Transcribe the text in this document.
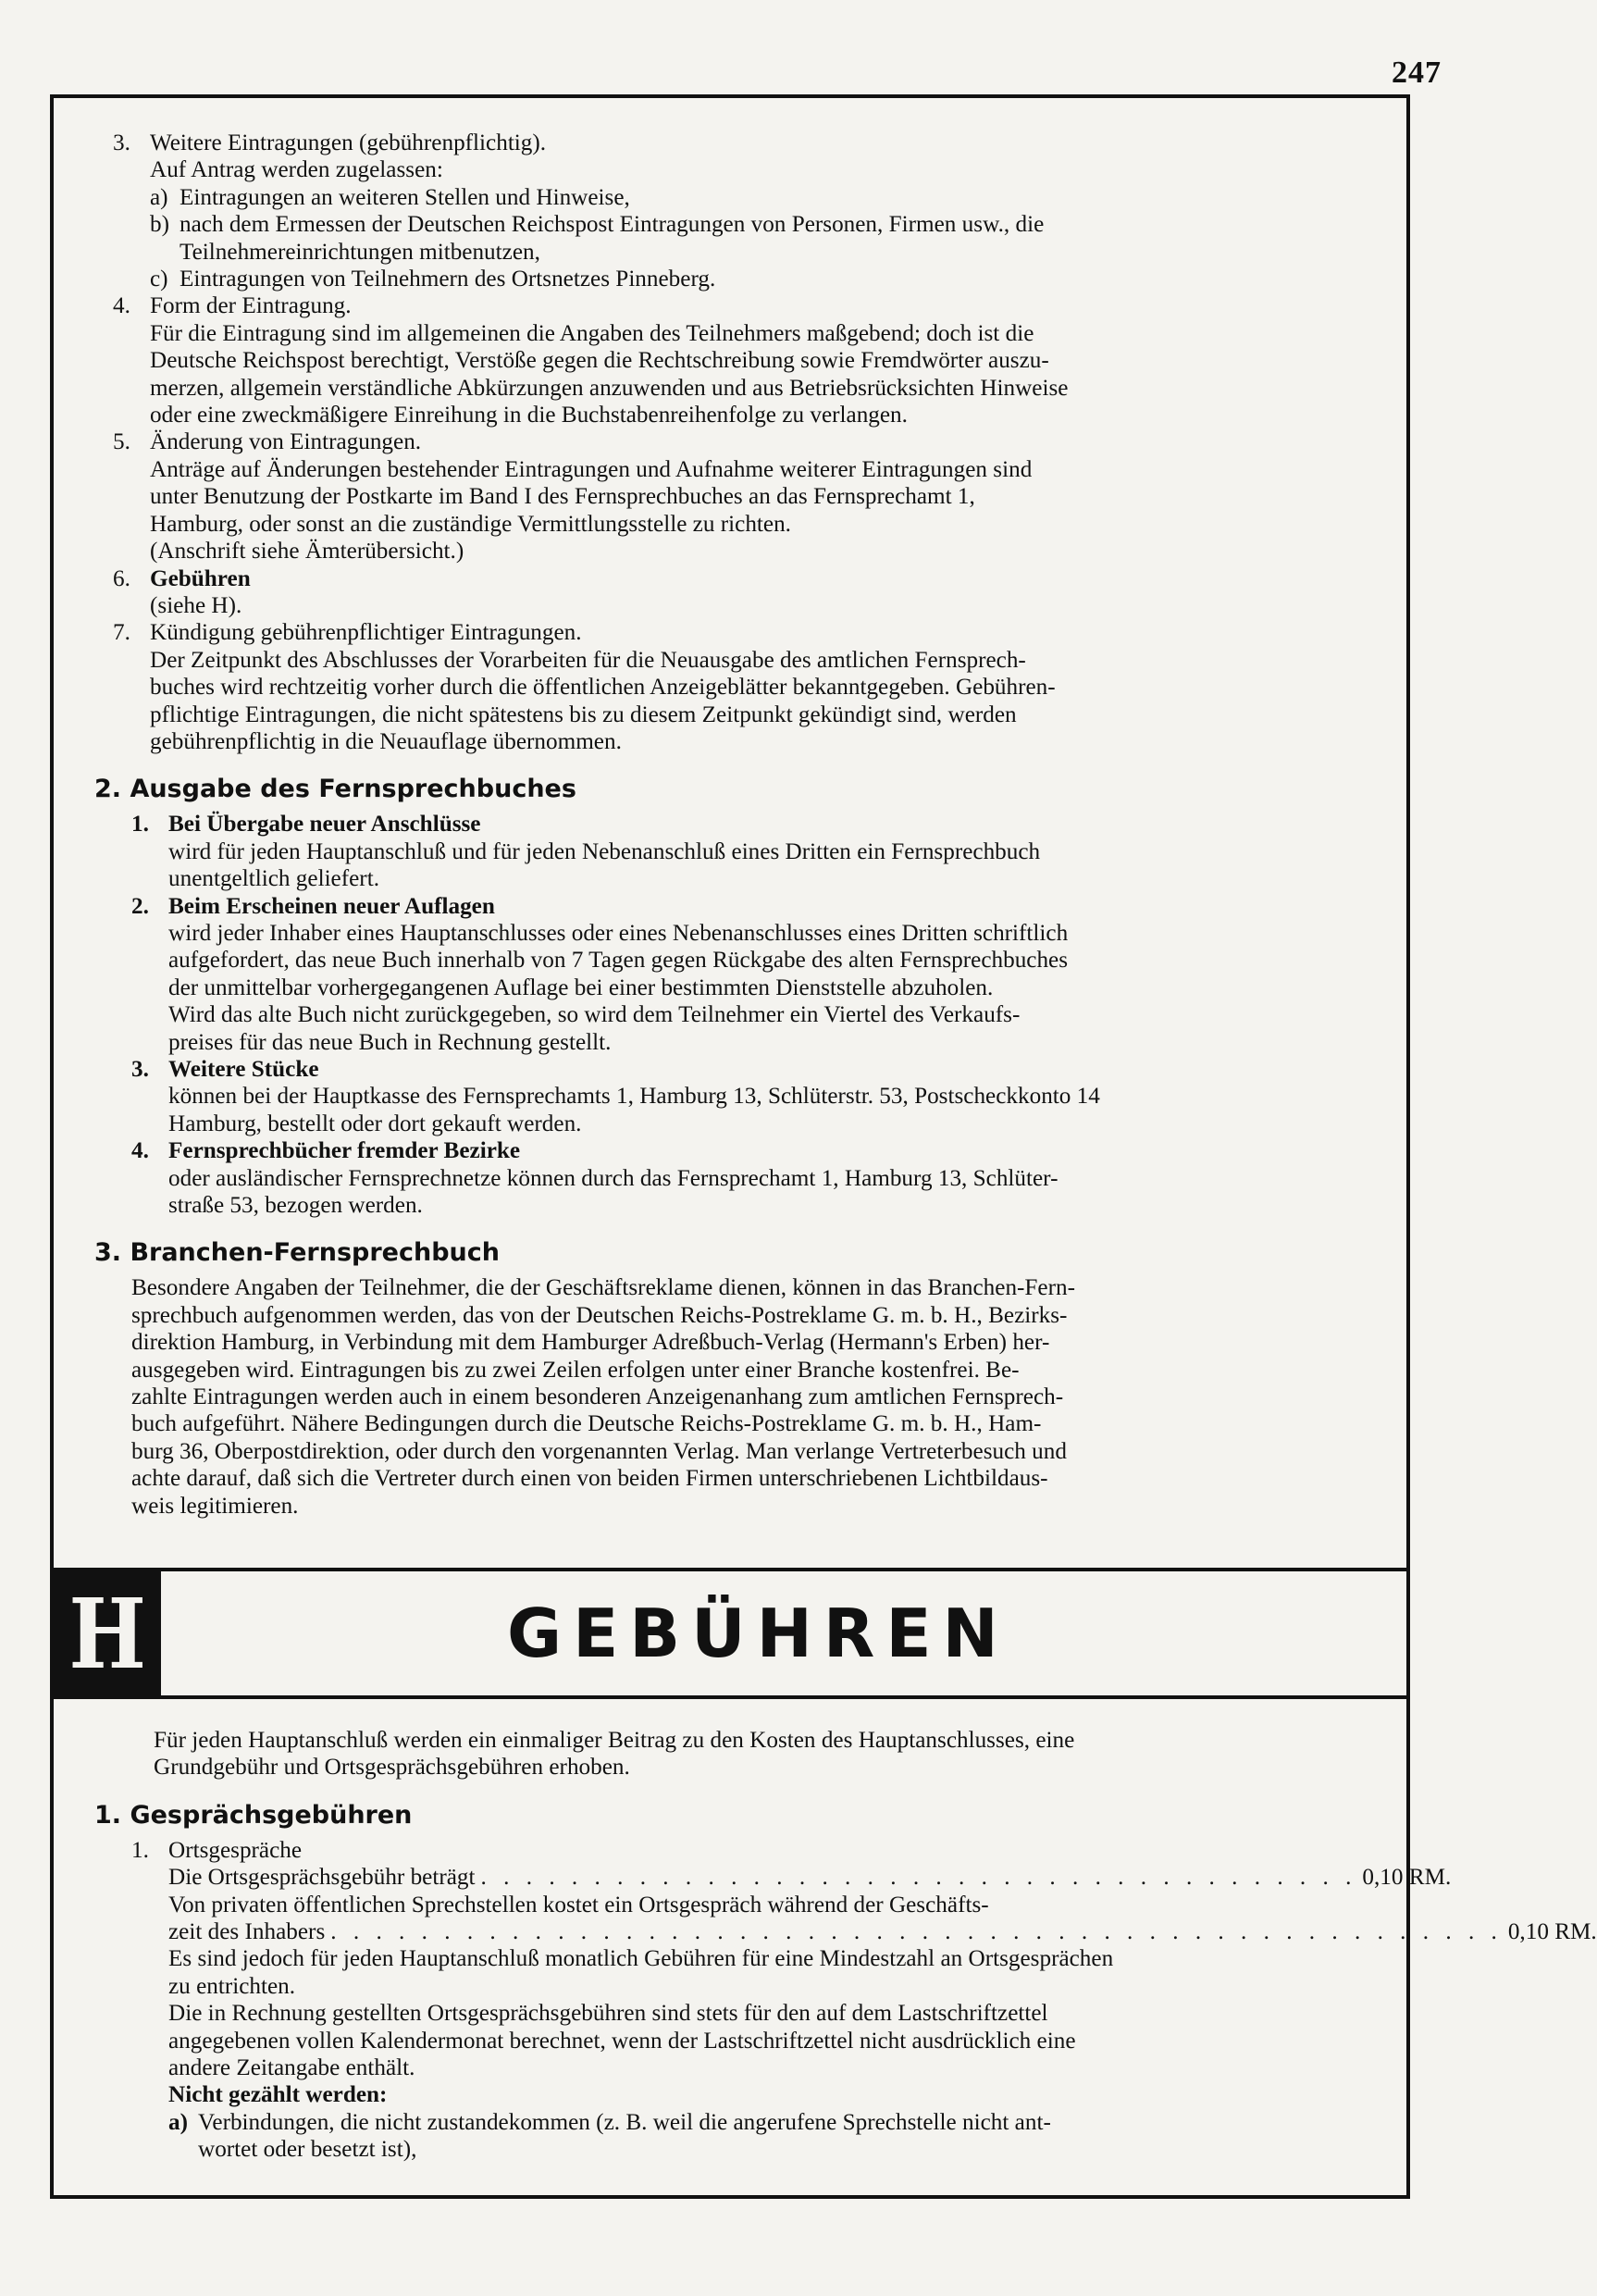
247
3. Weitere Eintragungen (gebührenpflichtig).
Auf Antrag werden zugelassen:
a) Eintragungen an weiteren Stellen und Hinweise,
b) nach dem Ermessen der Deutschen Reichspost Eintragungen von Personen, Firmen usw., die
Teilnehmereinrichtungen mitbenutzen,
c) Eintragungen von Teilnehmern des Ortsnetzes Pinneberg.
4. Form der Eintragung.
Für die Eintragung sind im allgemeinen die Angaben des Teilnehmers maßgebend; doch ist die
Deutsche Reichspost berechtigt, Verstöße gegen die Rechtschreibung sowie Fremdwörter auszu-
merzen, allgemein verständliche Abkürzungen anzuwenden und aus Betriebsrücksichten Hinweise
oder eine zweckmäßigere Einreihung in die Buchstabenreihenfolge zu verlangen.
5. Änderung von Eintragungen.
Anträge auf Änderungen bestehender Eintragungen und Aufnahme weiterer Eintragungen sind
unter Benutzung der Postkarte im Band I des Fernsprechbuches an das Fernsprechamt 1,
Hamburg, oder sonst an die zuständige Vermittlungsstelle zu richten.
(Anschrift siehe Ämterübersicht.)
6. Gebühren
(siehe H).
7. Kündigung gebührenpflichtiger Eintragungen.
Der Zeitpunkt des Abschlusses der Vorarbeiten für die Neuausgabe des amtlichen Fernsprech-
buches wird rechtzeitig vorher durch die öffentlichen Anzeigeblätter bekanntgegeben. Gebühren-
pflichtige Eintragungen, die nicht spätestens bis zu diesem Zeitpunkt gekündigt sind, werden
gebührenpflichtig in die Neuauflage übernommen.
2. Ausgabe des Fernsprechbuches
1. Bei Übergabe neuer Anschlüsse
wird für jeden Hauptanschluß und für jeden Nebenanschluß eines Dritten ein Fernsprechbuch
unentgeltlich geliefert.
2. Beim Erscheinen neuer Auflagen
wird jeder Inhaber eines Hauptanschlusses oder eines Nebenanschlusses eines Dritten schriftlich
aufgefordert, das neue Buch innerhalb von 7 Tagen gegen Rückgabe des alten Fernsprechbuches
der unmittelbar vorhergegangenen Auflage bei einer bestimmten Dienststelle abzuholen.
Wird das alte Buch nicht zurückgegeben, so wird dem Teilnehmer ein Viertel des Verkaufs-
preises für das neue Buch in Rechnung gestellt.
3. Weitere Stücke
können bei der Hauptkasse des Fernsprechamts 1, Hamburg 13, Schlüterstr. 53, Postscheckkonto 14
Hamburg, bestellt oder dort gekauft werden.
4. Fernsprechbücher fremder Bezirke
oder ausländischer Fernsprechnetze können durch das Fernsprechamt 1, Hamburg 13, Schlüter-
straße 53, bezogen werden.
3. Branchen-Fernsprechbuch
Besondere Angaben der Teilnehmer, die der Geschäftsreklame dienen, können in das Branchen-Fern-
sprechbuch aufgenommen werden, das von der Deutschen Reichs-Postreklame G. m. b. H., Bezirks-
direktion Hamburg, in Verbindung mit dem Hamburger Adreßbuch-Verlag (Hermann's Erben) her-
ausgegeben wird. Eintragungen bis zu zwei Zeilen erfolgen unter einer Branche kostenfrei. Be-
zahlte Eintragungen werden auch in einem besonderen Anzeigenanhang zum amtlichen Fernsprech-
buch aufgeführt. Nähere Bedingungen durch die Deutsche Reichs-Postreklame G. m. b. H., Ham-
burg 36, Oberpostdirektion, oder durch den vorgenannten Verlag. Man verlange Vertreterbesuch und
achte darauf, daß sich die Vertreter durch einen von beiden Firmen unterschriebenen Lichtbildaus-
weis legitimieren.
H	GEBÜHREN
Für jeden Hauptanschluß werden ein einmaliger Beitrag zu den Kosten des Hauptanschlusses, eine
Grundgebühr und Ortsgesprächsgebühren erhoben.
1. Gesprächsgebühren
1. Ortsgespräche
Die Ortsgesprächsgebühr beträgt . . . . . . . . . . . . . . . . . . . . . . . . . . . . . . . . . . . . . . . 0,10 RM.
Von privaten öffentlichen Sprechstellen kostet ein Ortsgespräch während der Geschäfts-
zeit des Inhabers . . . . . . . . . . . . . . . . . . . . . . . . . . . . . . . . . . . . . . . . . . . . . . . . . . . . 0,10 RM.
Es sind jedoch für jeden Hauptanschluß monatlich Gebühren für eine Mindestzahl an Ortsgesprächen
zu entrichten.
Die in Rechnung gestellten Ortsgesprächsgebühren sind stets für den auf dem Lastschriftzettel
angegebenen vollen Kalendermonat berechnet, wenn der Lastschriftzettel nicht ausdrücklich eine
andere Zeitangabe enthält.
Nicht gezählt werden:
a) Verbindungen, die nicht zustandekommen (z. B. weil die angerufene Sprechstelle nicht ant-
wortet oder besetzt ist),
